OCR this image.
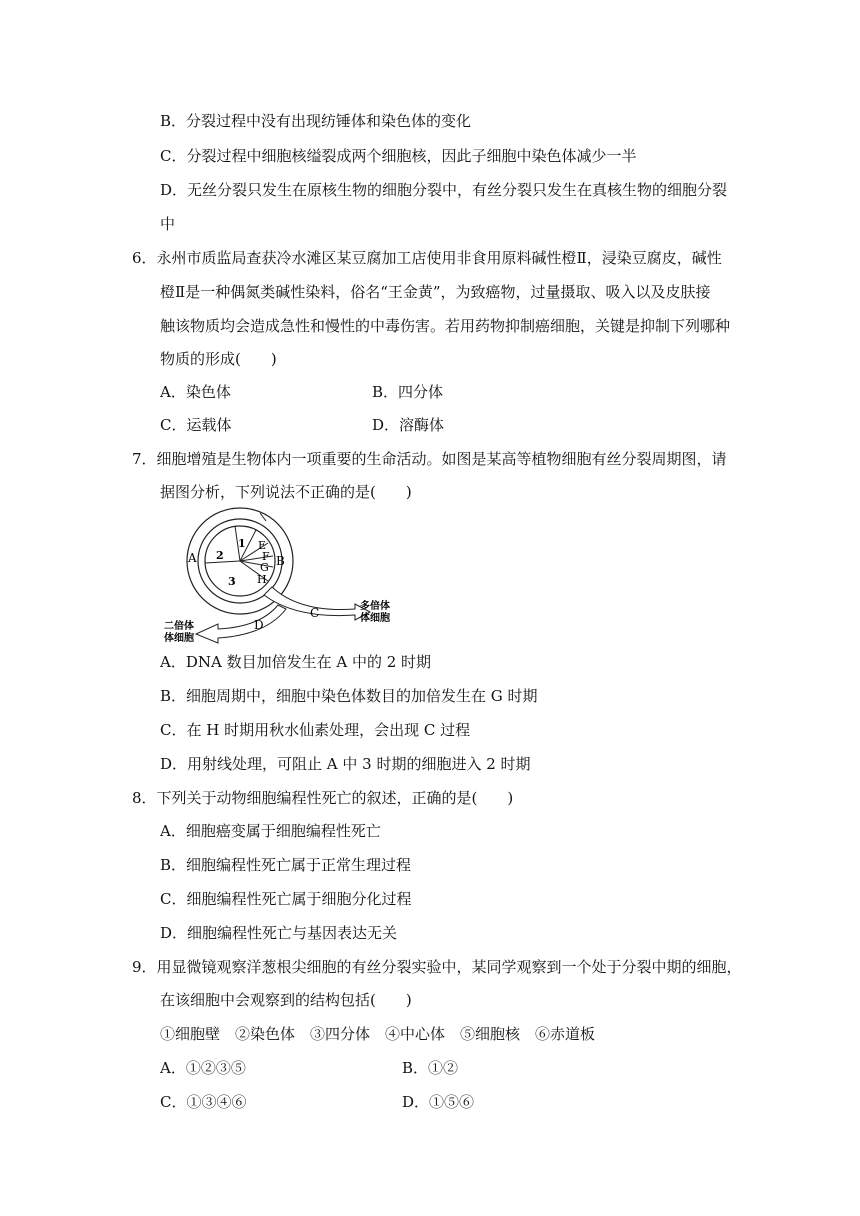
B．分裂过程中没有出现纺锤体和染色体的变化
C．分裂过程中细胞核缢裂成两个细胞核，因此子细胞中染色体减少一半
D．无丝分裂只发生在原核生物的细胞分裂中，有丝分裂只发生在真核生物的细胞分裂
中
6．永州市质监局查获冷水滩区某豆腐加工店使用非食用原料碱性橙Ⅱ，浸染豆腐皮，碱性
橙Ⅱ是一种偶氮类碱性染料，俗名“王金黄”，为致癌物，过量摄取、吸入以及皮肤接
触该物质均会造成急性和慢性的中毒伤害。若用药物抑制癌细胞，关键是抑制下列哪种
物质的形成(　　)
A．染色体	B．四分体
C．运载体	D．溶酶体
7．细胞增殖是生物体内一项重要的生命活动。如图是某高等植物细胞有丝分裂周期图，请
据图分析，下列说法不正确的是(　　)
A	B
C
D
E
F
G
H
1
2
3
多倍体
体细胞
二倍体
体细胞
A．DNA 数目加倍发生在 A 中的 2 时期
B．细胞周期中，细胞中染色体数目的加倍发生在 G 时期
C．在 H 时期用秋水仙素处理，会出现 C 过程
D．用射线处理，可阻止 A 中 3 时期的细胞进入 2 时期
8．下列关于动物细胞编程性死亡的叙述，正确的是(　　)
A．细胞癌变属于细胞编程性死亡
B．细胞编程性死亡属于正常生理过程
C．细胞编程性死亡属于细胞分化过程
D．细胞编程性死亡与基因表达无关
9．用显微镜观察洋葱根尖细胞的有丝分裂实验中，某同学观察到一个处于分裂中期的细胞，
在该细胞中会观察到的结构包括(　　)
①细胞壁　②染色体　③四分体　④中心体　⑤细胞核　⑥赤道板
A．①②③⑤	B．①②
C．①③④⑥	D．①⑤⑥
